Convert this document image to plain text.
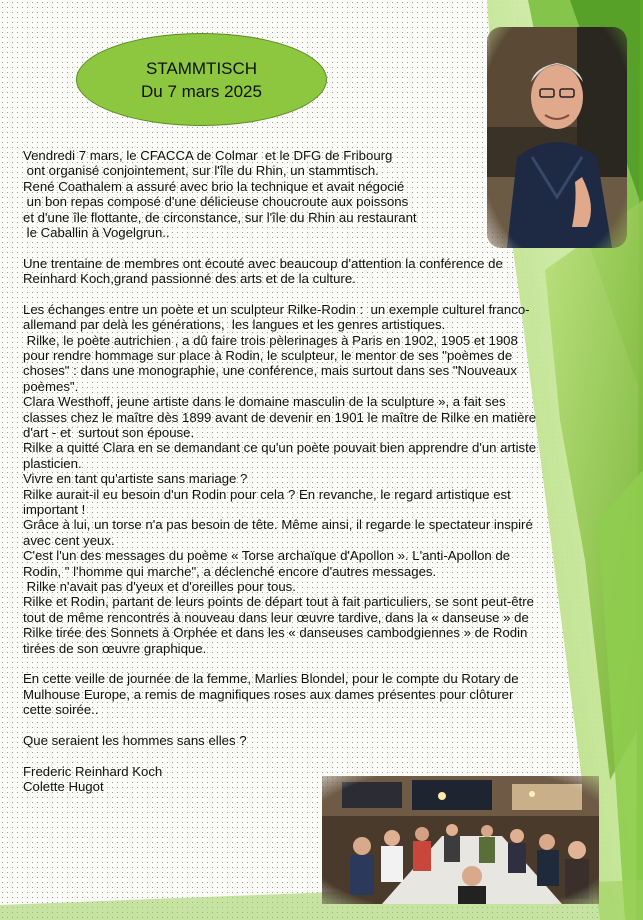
STAMMTISCH
Du 7 mars 2025
Vendredi 7 mars, le CFACCA de Colmar  et le DFG de Fribourg
ont organisé conjointement, sur l'île du Rhin, un stammtisch.
René Coathalem a assuré avec brio la technique et avait négocié
un bon repas composé d'une délicieuse choucroute aux poissons
et d'une île flottante, de circonstance, sur l'île du Rhin au restaurant
le Caballin à Vogelgrun..
Une trentaine de membres ont écouté avec beaucoup d'attention la conférence de
Reinhard Koch,grand passionné des arts et de la culture.
Les échanges entre un poète et un sculpteur Rilke-Rodin :  un exemple culturel franco-
allemand par delà les générations,  les langues et les genres artistiques.
Rilke, le poète autrichien , a dû faire trois pèlerinages à Paris en 1902, 1905 et 1908
pour rendre hommage sur place à Rodin, le sculpteur, le mentor de ses "poèmes de
choses" : dans une monographie, une conférence, mais surtout dans ses "Nouveaux
poèmes".
Clara Westhoff, jeune artiste dans le domaine masculin de la sculpture », a fait ses
classes chez le maître dès 1899 avant de devenir en 1901 le maître de Rilke en matière
d'art - et  surtout son épouse.
Rilke a quitté Clara en se demandant ce qu'un poète pouvait bien apprendre d'un artiste
plasticien.
Vivre en tant qu'artiste sans mariage ?
Rilke aurait-il eu besoin d'un Rodin pour cela ? En revanche, le regard artistique est
important !
Grâce à lui, un torse n'a pas besoin de tête. Même ainsi, il regarde le spectateur inspiré
avec cent yeux.
C'est l'un des messages du poème « Torse archaïque d'Apollon ». L'anti-Apollon de
Rodin, " l'homme qui marche", a déclenché encore d'autres messages.
Rilke n'avait pas d'yeux et d'oreilles pour tous.
Rilke et Rodin, partant de leurs points de départ tout à fait particuliers, se sont peut-être
tout de même rencontrés à nouveau dans leur œuvre tardive, dans la « danseuse » de
Rilke tirée des Sonnets à Orphée et dans les « danseuses cambodgiennes » de Rodin
tirées de son œuvre graphique.
En cette veille de journée de la femme, Marlies Blondel, pour le compte du Rotary de
Mulhouse Europe, a remis de magnifiques roses aux dames présentes pour clôturer
cette soirée..
Que seraient les hommes sans elles ?
Frederic Reinhard Koch
Colette Hugot
